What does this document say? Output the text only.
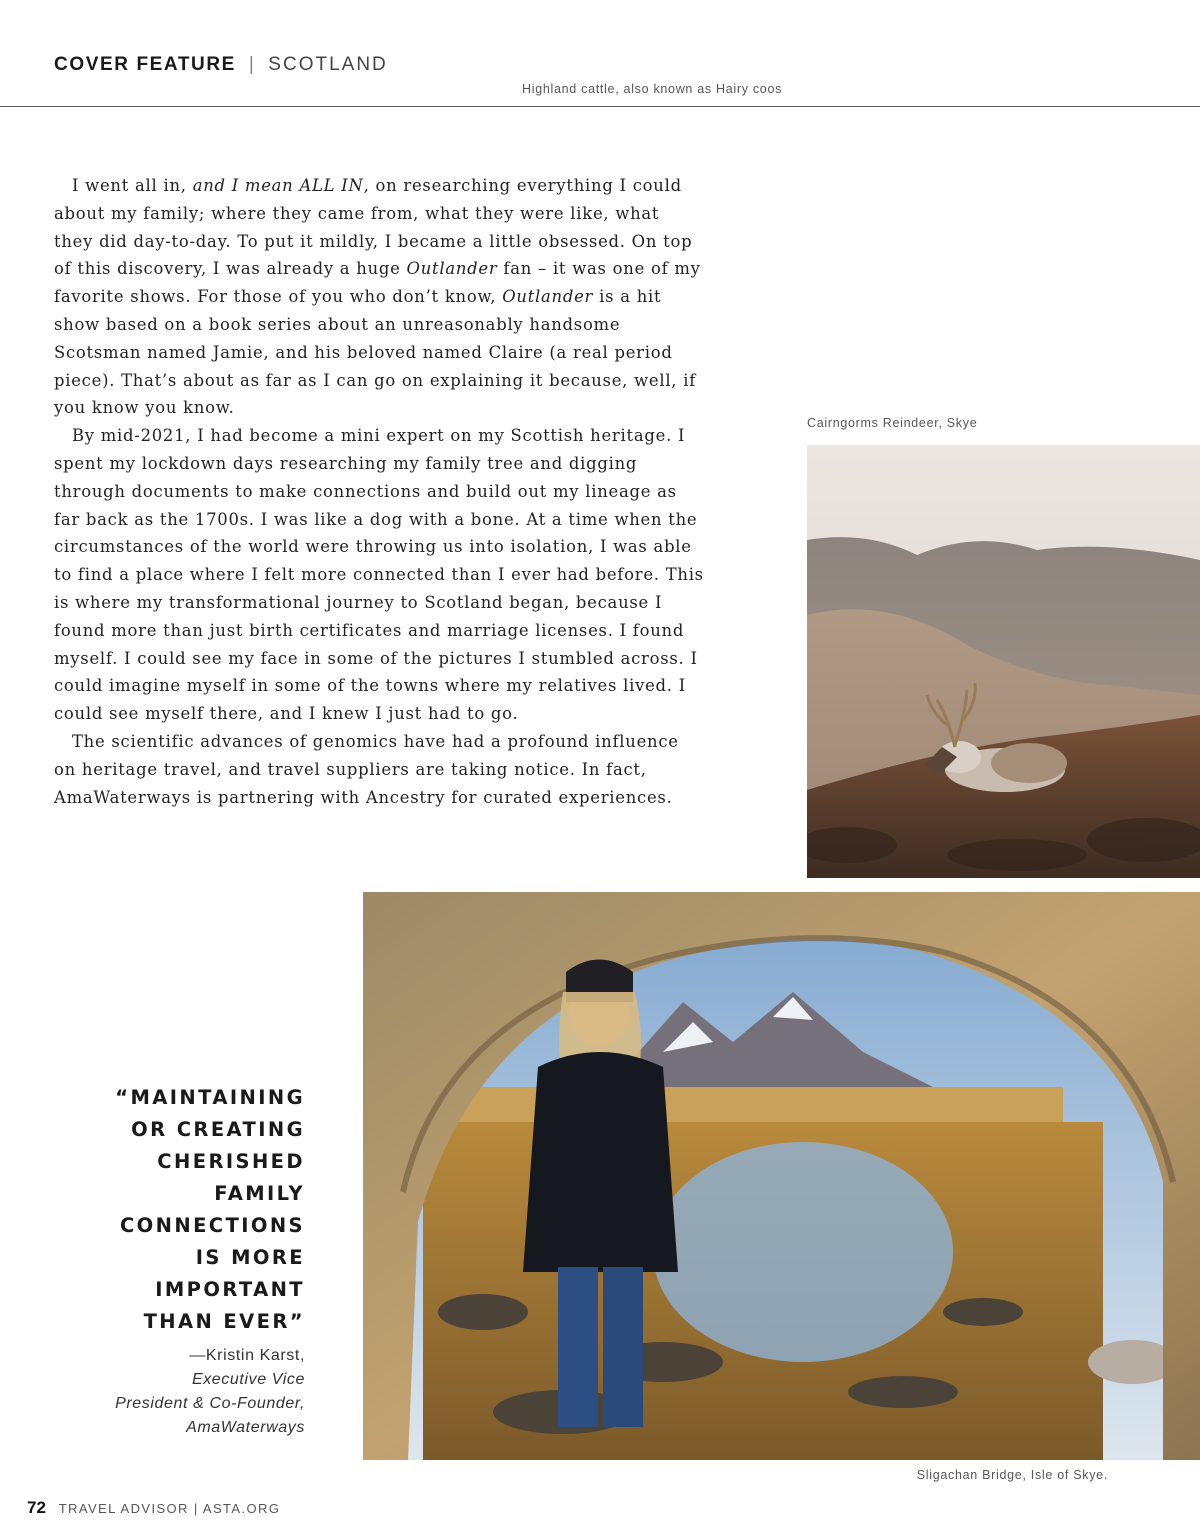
COVER FEATURE | SCOTLAND
Highland cattle, also known as Hairy coos

I went all in, and I mean ALL IN, on researching everything I could about my family; where they came from, what they were like, what they did day-to-day. To put it mildly, I became a little obsessed. On top of this discovery, I was already a huge Outlander fan – it was one of my favorite shows. For those of you who don’t know, Outlander is a hit show based on a book series about an unreasonably handsome Scotsman named Jamie, and his beloved named Claire (a real period piece). That’s about as far as I can go on explaining it because, well, if you know you know.

By mid-2021, I had become a mini expert on my Scottish heritage. I spent my lockdown days researching my family tree and digging through documents to make connections and build out my lineage as far back as the 1700s. I was like a dog with a bone. At a time when the circumstances of the world were throwing us into isolation, I was able to find a place where I felt more connected than I ever had before. This is where my transformational journey to Scotland began, because I found more than just birth certificates and marriage licenses. I found myself. I could see my face in some of the pictures I stumbled across. I could imagine myself in some of the towns where my relatives lived. I could see myself there, and I knew I just had to go.

The scientific advances of genomics have had a profound influence on heritage travel, and travel suppliers are taking notice. In fact, AmaWaterways is partnering with Ancestry for curated experiences.

Cairngorms Reindeer, Skye
Sligachan Bridge, Isle of Skye.
“MAINTAINING
OR CREATING
CHERISHED
FAMILY
CONNECTIONS
IS MORE
IMPORTANT
THAN EVER”
—Kristin Karst,
Executive Vice
President & Co-Founder,
AmaWaterways
72 TRAVEL ADVISOR | ASTA.ORG
